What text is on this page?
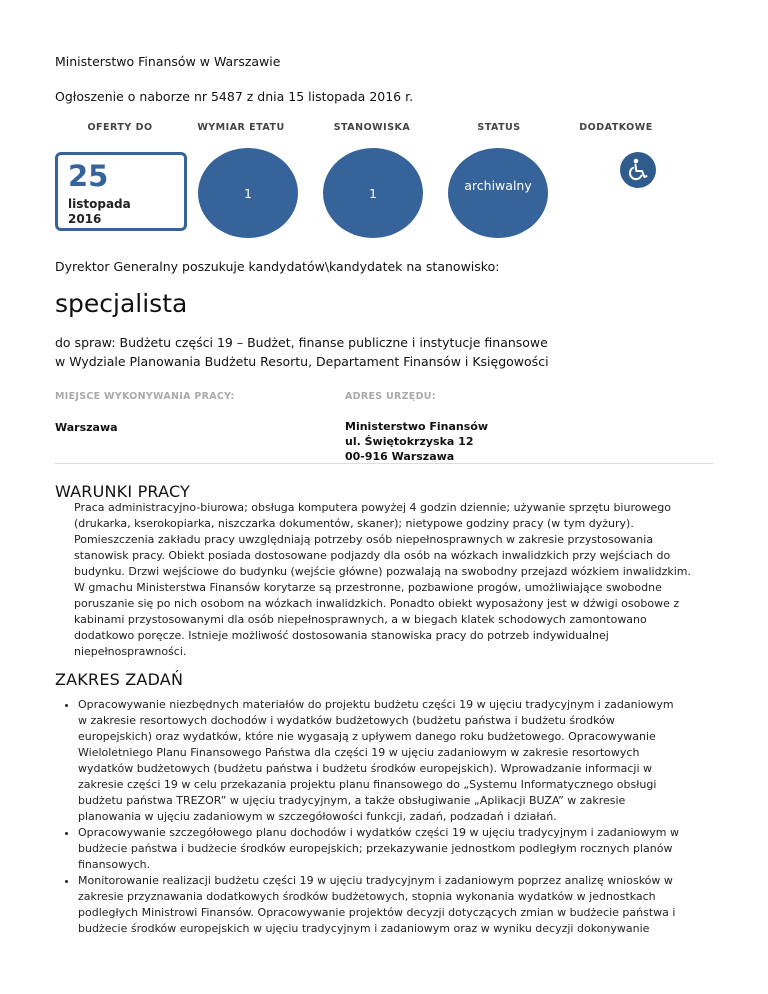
Ministerstwo Finansów w Warszawie
Ogłoszenie o naborze nr 5487 z dnia 15 listopada 2016 r.
OFERTY DO	WYMIAR ETATU	STANOWISKA	STATUS	DODATKOWE
25
listopada
2016
1	1	archiwalny
Dyrektor Generalny poszukuje kandydatów\kandydatek na stanowisko:
specjalista
do spraw: Budżetu części 19 – Budżet, finanse publiczne i instytucje finansowe
w Wydziale Planowania Budżetu Resortu, Departament Finansów i Księgowości
MIEJSCE WYKONYWANIA PRACY:	ADRES URZĘDU:
Warszawa	Ministerstwo Finansów
ul. Świętokrzyska 12
00-916 Warszawa
WARUNKI PRACY
Praca administracyjno-biurowa; obsługa komputera powyżej 4 godzin dziennie; używanie sprzętu biurowego
(drukarka, kserokopiarka, niszczarka dokumentów, skaner); nietypowe godziny pracy (w tym dyżury).
Pomieszczenia zakładu pracy uwzględniają potrzeby osób niepełnosprawnych w zakresie przystosowania
stanowisk pracy. Obiekt posiada dostosowane podjazdy dla osób na wózkach inwalidzkich przy wejściach do
budynku. Drzwi wejściowe do budynku (wejście główne) pozwalają na swobodny przejazd wózkiem inwalidzkim.
W gmachu Ministerstwa Finansów korytarze są przestronne, pozbawione progów, umożliwiające swobodne
poruszanie się po nich osobom na wózkach inwalidzkich. Ponadto obiekt wyposażony jest w dźwigi osobowe z
kabinami przystosowanymi dla osób niepełnosprawnych, a w biegach klatek schodowych zamontowano
dodatkowo poręcze. Istnieje możliwość dostosowania stanowiska pracy do potrzeb indywidualnej
niepełnosprawności.
ZAKRES ZADAŃ
• Opracowywanie niezbędnych materiałów do projektu budżetu części 19 w ujęciu tradycyjnym i zadaniowym
w zakresie resortowych dochodów i wydatków budżetowych (budżetu państwa i budżetu środków
europejskich) oraz wydatków, które nie wygasają z upływem danego roku budżetowego. Opracowywanie
Wieloletniego Planu Finansowego Państwa dla części 19 w ujęciu zadaniowym w zakresie resortowych
wydatków budżetowych (budżetu państwa i budżetu środków europejskich). Wprowadzanie informacji w
zakresie części 19 w celu przekazania projektu planu finansowego do „Systemu Informatycznego obsługi
budżetu państwa TREZOR” w ujęciu tradycyjnym, a także obsługiwanie „Aplikacji BUZA” w zakresie
planowania w ujęciu zadaniowym w szczegółowości funkcji, zadań, podzadań i działań.
• Opracowywanie szczegółowego planu dochodów i wydatków części 19 w ujęciu tradycyjnym i zadaniowym w
budżecie państwa i budżecie środków europejskich; przekazywanie jednostkom podległym rocznych planów
finansowych.
• Monitorowanie realizacji budżetu części 19 w ujęciu tradycyjnym i zadaniowym poprzez analizę wniosków w
zakresie przyznawania dodatkowych środków budżetowych, stopnia wykonania wydatków w jednostkach
podległych Ministrowi Finansów. Opracowywanie projektów decyzji dotyczących zmian w budżecie państwa i
budżecie środków europejskich w ujęciu tradycyjnym i zadaniowym oraz w wyniku decyzji dokonywanie
